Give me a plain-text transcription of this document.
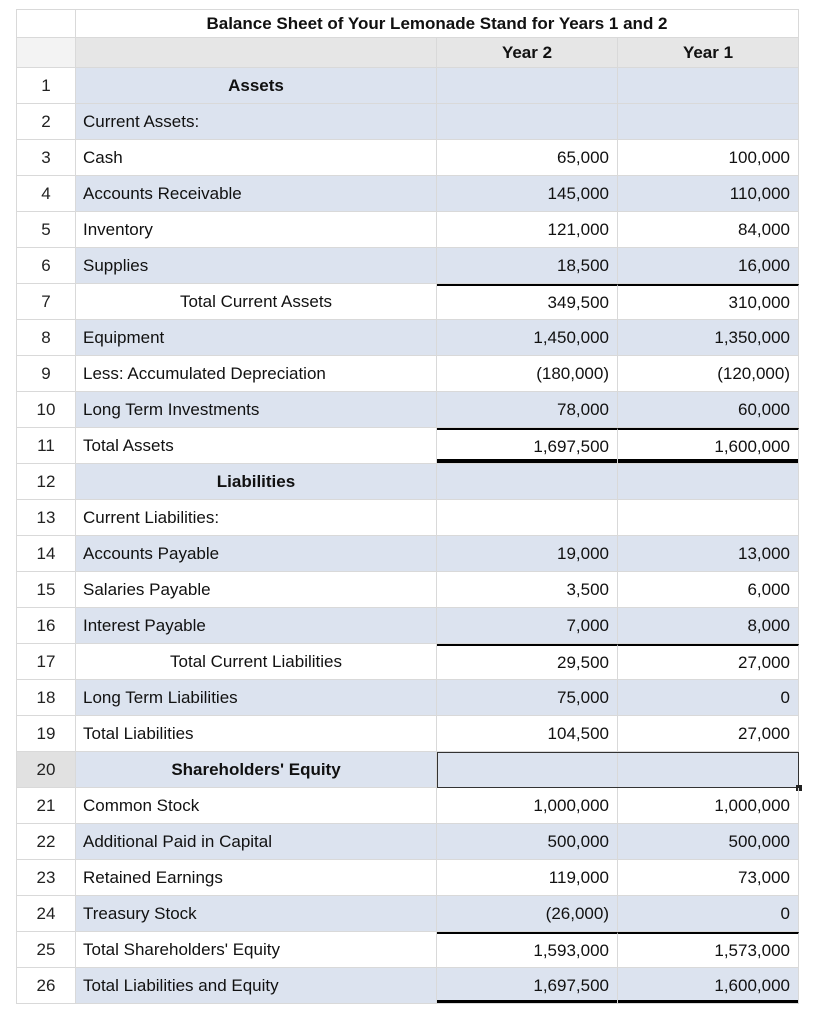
Balance Sheet of Your Lemonade Stand for Years 1 and 2
Year 2	Year 1
1	Assets
2	Current Assets:
3	Cash	65,000	100,000
4	Accounts Receivable	145,000	110,000
5	Inventory	121,000	84,000
6	Supplies	18,500	16,000
7	Total Current Assets	349,500	310,000
8	Equipment	1,450,000	1,350,000
9	Less: Accumulated Depreciation	(180,000)	(120,000)
10	Long Term Investments	78,000	60,000
11	Total Assets	1,697,500	1,600,000
12	Liabilities
13	Current Liabilities:
14	Accounts Payable	19,000	13,000
15	Salaries Payable	3,500	6,000
16	Interest Payable	7,000	8,000
17	Total Current Liabilities	29,500	27,000
18	Long Term Liabilities	75,000	0
19	Total Liabilities	104,500	27,000
20	Shareholders' Equity
21	Common Stock	1,000,000	1,000,000
22	Additional Paid in Capital	500,000	500,000
23	Retained Earnings	119,000	73,000
24	Treasury Stock	(26,000)	0
25	Total Shareholders' Equity	1,593,000	1,573,000
26	Total Liabilities and Equity	1,697,500	1,600,000
